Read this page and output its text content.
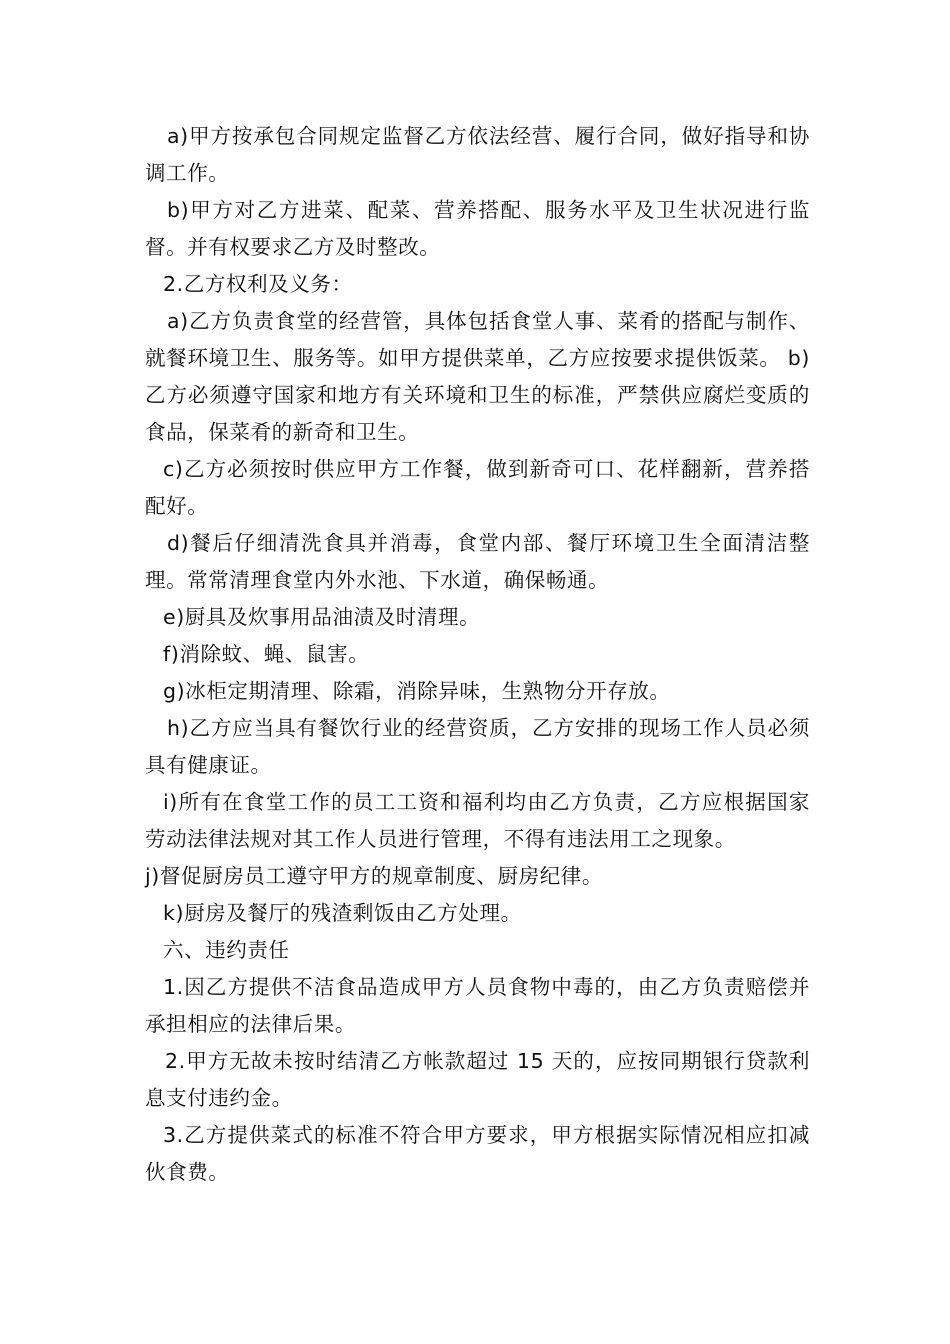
a)甲方按承包合同规定监督乙方依法经营、履行合同，做好指导和协调工作。

b)甲方对乙方进菜、配菜、营养搭配、服务水平及卫生状况进行监督。并有权要求乙方及时整改。

2.乙方权利及义务：

a)乙方负责食堂的经营管，具体包括食堂人事、菜肴的搭配与制作、就餐环境卫生、服务等。如甲方提供菜单，乙方应按要求提供饭菜。 b)乙方必须遵守国家和地方有关环境和卫生的标准，严禁供应腐烂变质的食品，保菜肴的新奇和卫生。

c)乙方必须按时供应甲方工作餐，做到新奇可口、花样翻新，营养搭配好。

d)餐后仔细清洗食具并消毒，食堂内部、餐厅环境卫生全面清洁整理。常常清理食堂内外水池、下水道，确保畅通。

e)厨具及炊事用品油渍及时清理。

f)消除蚊、蝇、鼠害。

g)冰柜定期清理、除霜，消除异味，生熟物分开存放。

h)乙方应当具有餐饮行业的经营资质，乙方安排的现场工作人员必须具有健康证。

i)所有在食堂工作的员工工资和福利均由乙方负责，乙方应根据国家劳动法律法规对其工作人员进行管理，不得有违法用工之现象。

j)督促厨房员工遵守甲方的规章制度、厨房纪律。

k)厨房及餐厅的残渣剩饭由乙方处理。

六、违约责任

1.因乙方提供不洁食品造成甲方人员食物中毒的，由乙方负责赔偿并承担相应的法律后果。

2.甲方无故未按时结清乙方帐款超过 15 天的，应按同期银行贷款利息支付违约金。

3.乙方提供菜式的标准不符合甲方要求，甲方根据实际情况相应扣减伙食费。
